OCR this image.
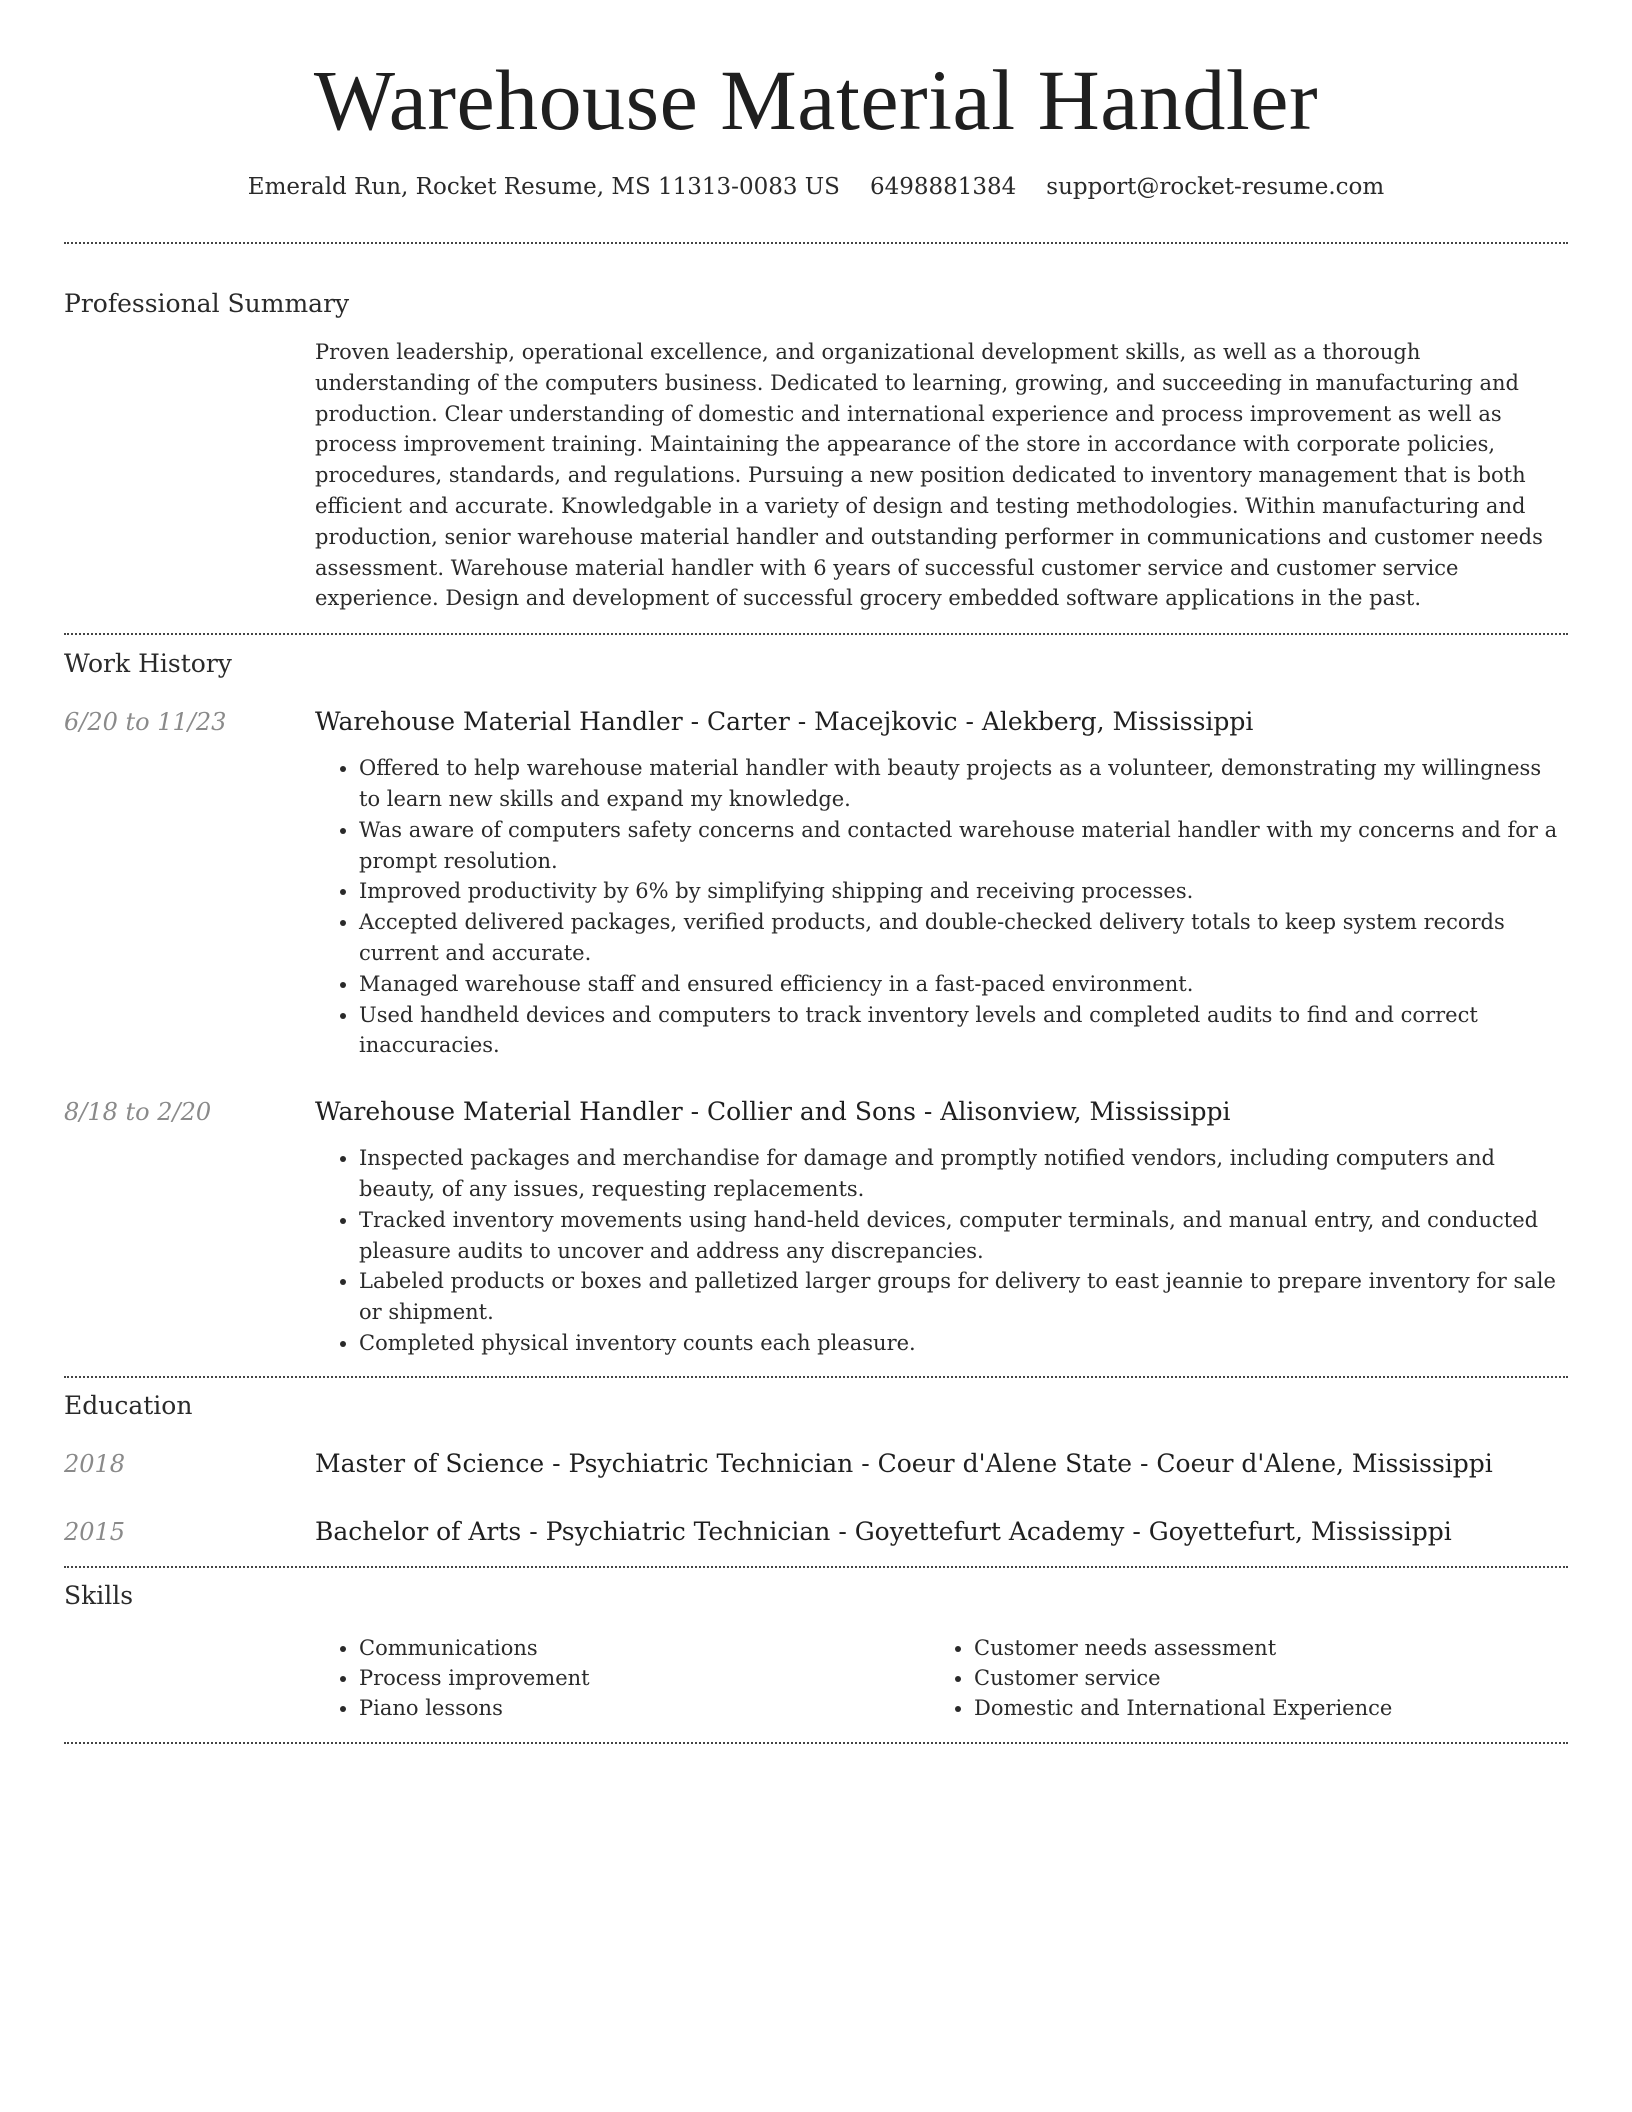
Warehouse Material Handler
Emerald Run, Rocket Resume, MS 11313-0083 US 6498881384 support@rocket-resume.com
Professional Summary

Proven leadership, operational excellence, and organizational development skills, as well as a thorough understanding of the computers business. Dedicated to learning, growing, and succeeding in manufacturing and production. Clear understanding of domestic and international experience and process improvement as well as process improvement training. Maintaining the appearance of the store in accordance with corporate policies, procedures, standards, and regulations. Pursuing a new position dedicated to inventory management that is both efficient and accurate. Knowledgable in a variety of design and testing methodologies. Within manufacturing and production, senior warehouse material handler and outstanding performer in communications and customer needs assessment. Warehouse material handler with 6 years of successful customer service and customer service experience. Design and development of successful grocery embedded software applications in the past.

Work History
6/20 to 11/23	Warehouse Material Handler - Carter - Macejkovic - Alekberg, Mississippi
• Offered to help warehouse material handler with beauty projects as a volunteer, demonstrating my willingness to learn new skills and expand my knowledge.
• Was aware of computers safety concerns and contacted warehouse material handler with my concerns and for a prompt resolution.
• Improved productivity by 6% by simplifying shipping and receiving processes.
• Accepted delivered packages, verified products, and double-checked delivery totals to keep system records current and accurate.
• Managed warehouse staff and ensured efficiency in a fast-paced environment.
• Used handheld devices and computers to track inventory levels and completed audits to find and correct inaccuracies.
8/18 to 2/20	Warehouse Material Handler - Collier and Sons - Alisonview, Mississippi
• Inspected packages and merchandise for damage and promptly notified vendors, including computers and beauty, of any issues, requesting replacements.
• Tracked inventory movements using hand-held devices, computer terminals, and manual entry, and conducted pleasure audits to uncover and address any discrepancies.
• Labeled products or boxes and palletized larger groups for delivery to east jeannie to prepare inventory for sale or shipment.
• Completed physical inventory counts each pleasure.
Education
2018	Master of Science - Psychiatric Technician - Coeur d'Alene State - Coeur d'Alene, Mississippi
2015	Bachelor of Arts - Psychiatric Technician - Goyettefurt Academy - Goyettefurt, Mississippi
Skills
• Communications
• Process improvement
• Piano lessons
• Customer needs assessment
• Customer service
• Domestic and International Experience
